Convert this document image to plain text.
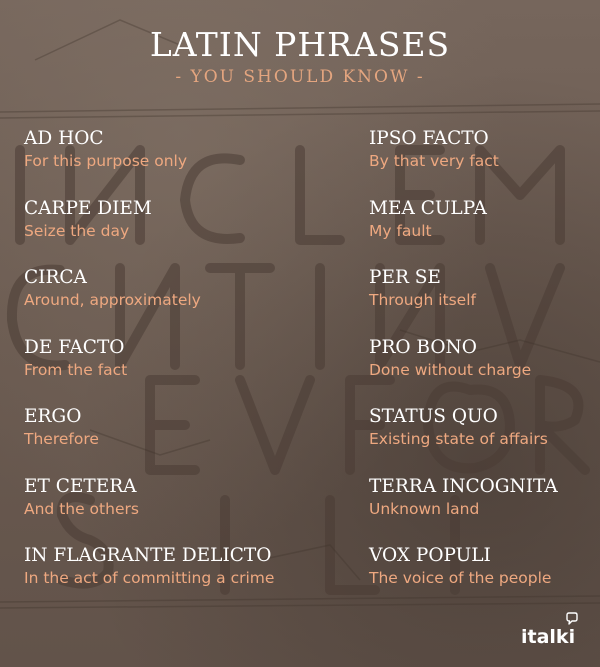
LATIN PHRASES
- YOU SHOULD KNOW -
AD HOC
For this purpose only
CARPE DIEM
Seize the day
CIRCA
Around, approximately
DE FACTO
From the fact
ERGO
Therefore
ET CETERA
And the others
IN FLAGRANTE DELICTO
In the act of committing a crime
IPSO FACTO
By that very fact
MEA CULPA
My fault
PER SE
Through itself
PRO BONO
Done without charge
STATUS QUO
Existing state of affairs
TERRA INCOGNITA
Unknown land
VOX POPULI
The voice of the people
italki
